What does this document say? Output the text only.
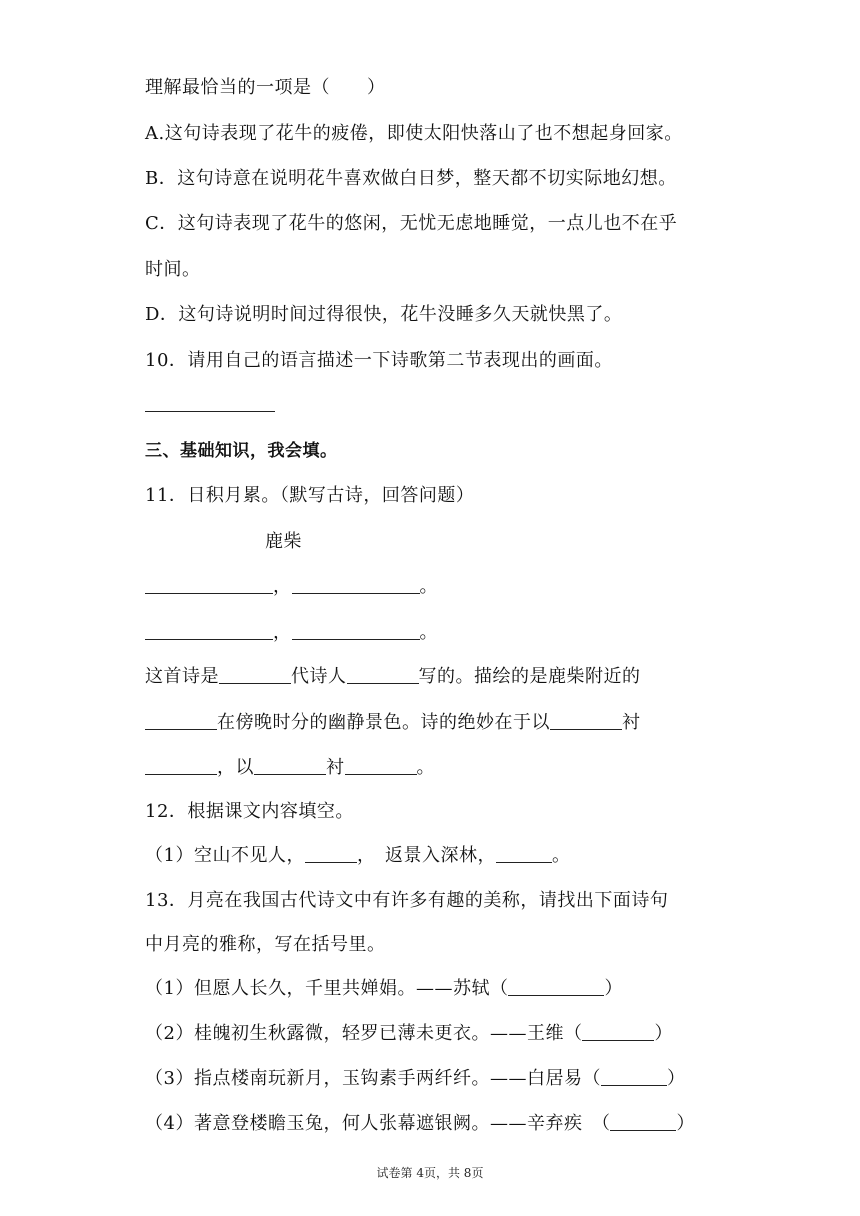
理解最恰当的一项是（　　）
A.这句诗表现了花牛的疲倦，即使太阳快落山了也不想起身回家。
B．这句诗意在说明花牛喜欢做白日梦，整天都不切实际地幻想。
C．这句诗表现了花牛的悠闲，无忧无虑地睡觉，一点儿也不在乎
时间。
D．这句诗说明时间过得很快，花牛没睡多久天就快黑了。
10．请用自己的语言描述一下诗歌第二节表现出的画面。
三、基础知识，我会填。
11．日积月累。（默写古诗，回答问题）
鹿柴
，	。
，	。
这首诗是	代诗人	写的。描绘的是鹿柴附近的
在傍晚时分的幽静景色。诗的绝妙在于以	衬
，以	衬	。
12．根据课文内容填空。
（1）空山不见人，	，　返景入深林，	。
13．月亮在我国古代诗文中有许多有趣的美称，请找出下面诗句
中月亮的雅称，写在括号里。
（1）但愿人长久，千里共婵娟。——苏轼（	）
（2）桂魄初生秋露微，轻罗已薄未更衣。——王维（	）
（3）指点楼南玩新月，玉钩素手两纤纤。——白居易（	）
（4）著意登楼瞻玉兔，何人张幕遮银阙。——辛弃疾　（	）
试卷第 4页，共 8页
